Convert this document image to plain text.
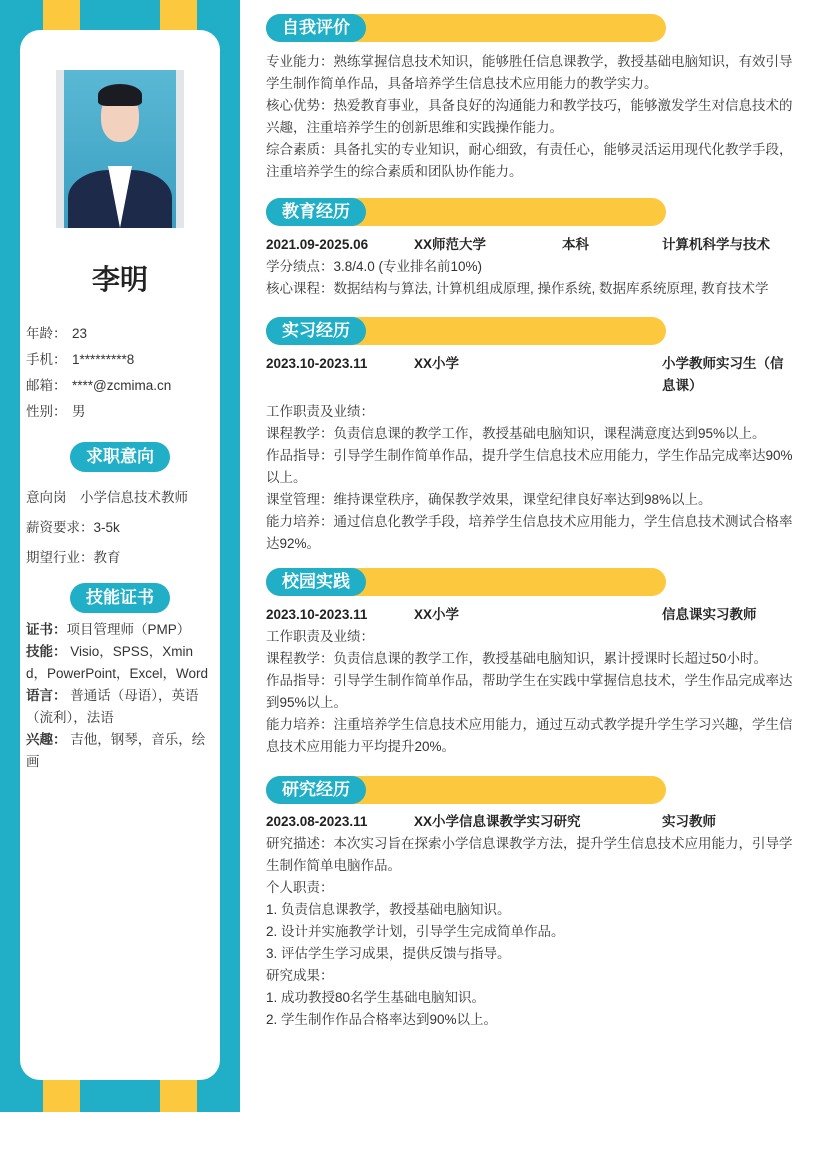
李明
年龄： 23
手机： 1*********8
邮箱： ****@zcmima.cn
性别： 男
求职意向
意向岗　小学信息技术教师
薪资要求：3-5k
期望行业：教育
技能证书
证书：项目管理师（PMP）
技能： Visio，SPSS，Xmind，PowerPoint，Excel，Word
语言： 普通话（母语），英语（流利），法语
兴趣： 吉他，钢琴，音乐，绘画
自我评价
专业能力：熟练掌握信息技术知识，能够胜任信息课教学，教授基础电脑知识，有效引导学生制作简单作品，具备培养学生信息技术应用能力的教学实力。
核心优势：热爱教育事业，具备良好的沟通能力和教学技巧，能够激发学生对信息技术的兴趣，注重培养学生的创新思维和实践操作能力。
综合素质：具备扎实的专业知识，耐心细致，有责任心，能够灵活运用现代化教学手段，注重培养学生的综合素质和团队协作能力。
教育经历
2021.09-2025.06	XX师范大学	本科	计算机科学与技术
学分绩点：3.8/4.0 (专业排名前10%)
核心课程：数据结构与算法, 计算机组成原理, 操作系统, 数据库系统原理, 教育技术学
实习经历
2023.10-2023.11	XX小学	小学教师实习生（信息课）
工作职责及业绩：
课程教学：负责信息课的教学工作，教授基础电脑知识，课程满意度达到95%以上。
作品指导：引导学生制作简单作品，提升学生信息技术应用能力，学生作品完成率达90%以上。
课堂管理：维持课堂秩序，确保教学效果，课堂纪律良好率达到98%以上。
能力培养：通过信息化教学手段，培养学生信息技术应用能力，学生信息技术测试合格率达92%。
校园实践
2023.10-2023.11	XX小学	信息课实习教师
工作职责及业绩：
课程教学：负责信息课的教学工作，教授基础电脑知识，累计授课时长超过50小时。
作品指导：引导学生制作简单作品，帮助学生在实践中掌握信息技术，学生作品完成率达到95%以上。
能力培养：注重培养学生信息技术应用能力，通过互动式教学提升学生学习兴趣，学生信息技术应用能力平均提升20%。
研究经历
2023.08-2023.11	XX小学信息课教学实习研究	实习教师
研究描述：本次实习旨在探索小学信息课教学方法，提升学生信息技术应用能力，引导学生制作简单电脑作品。
个人职责：
1. 负责信息课教学，教授基础电脑知识。
2. 设计并实施教学计划，引导学生完成简单作品。
3. 评估学生学习成果，提供反馈与指导。
研究成果：
1. 成功教授80名学生基础电脑知识。
2. 学生制作作品合格率达到90%以上。
